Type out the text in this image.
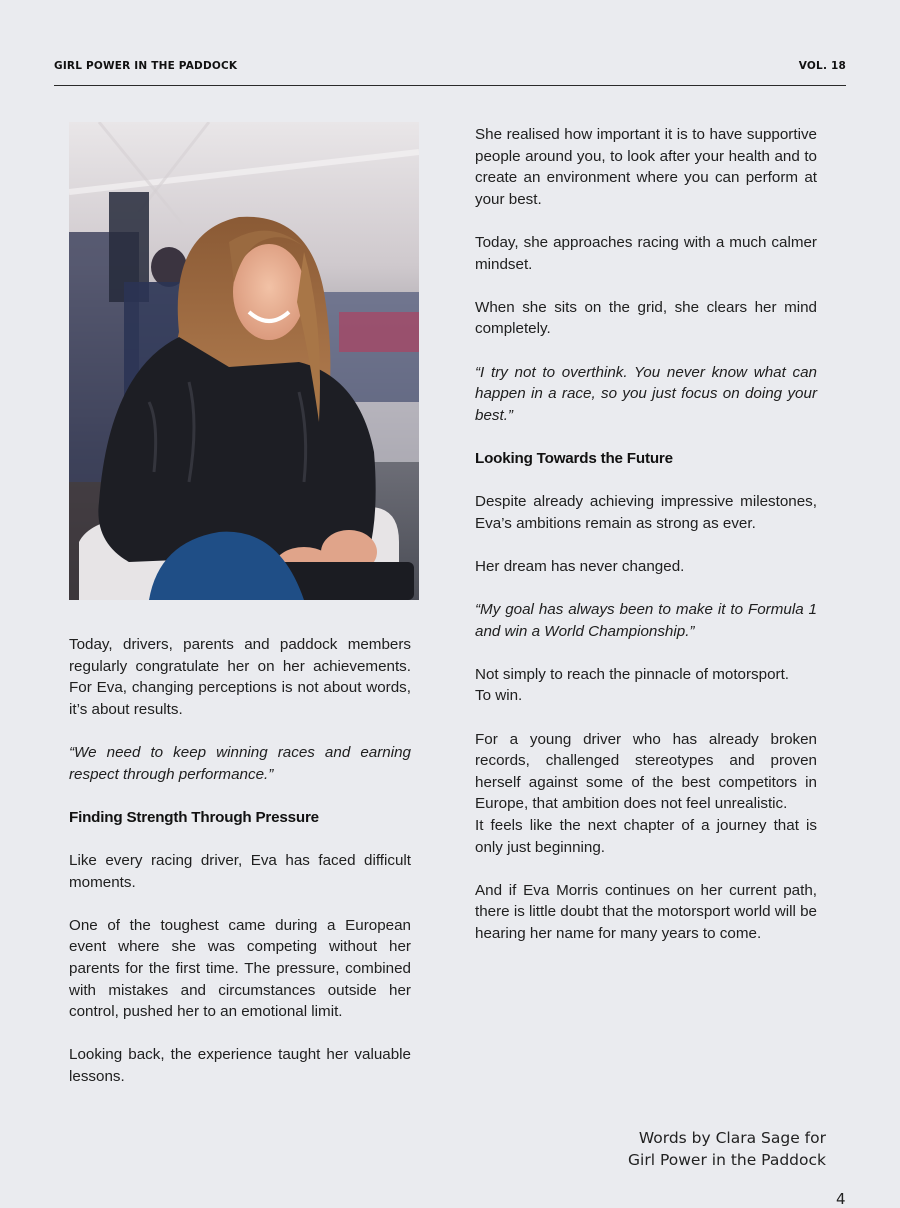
GIRL POWER IN THE PADDOCK	VOL. 18

Today, drivers, parents and paddock members regularly congratulate her on her achievements. For Eva, changing perceptions is not about words, it’s about results.

“We need to keep winning races and earning respect through performance.”

Finding Strength Through Pressure

Like every racing driver, Eva has faced difficult moments.

One of the toughest came during a European event where she was competing without her parents for the first time. The pressure, combined with mistakes and circumstances outside her control, pushed her to an emotional limit.

Looking back, the experience taught her valuable lessons.

She realised how important it is to have supportive people around you, to look after your health and to create an environment where you can perform at your best.

Today, she approaches racing with a much calmer mindset.

When she sits on the grid, she clears her mind completely.

“I try not to overthink. You never know what can happen in a race, so you just focus on doing your best.”

Looking Towards the Future

Despite already achieving impressive milestones, Eva’s ambitions remain as strong as ever.

Her dream has never changed.

“My goal has always been to make it to Formula 1 and win a World Championship.”

Not simply to reach the pinnacle of motorsport.

To win.

For a young driver who has already broken records, challenged stereotypes and proven herself against some of the best competitors in Europe, that ambition does not feel unrealistic.

It feels like the next chapter of a journey that is only just beginning.

And if Eva Morris continues on her current path, there is little doubt that the motorsport world will be hearing her name for many years to come.

Words by Clara Sage for
Girl Power in the Paddock
4
